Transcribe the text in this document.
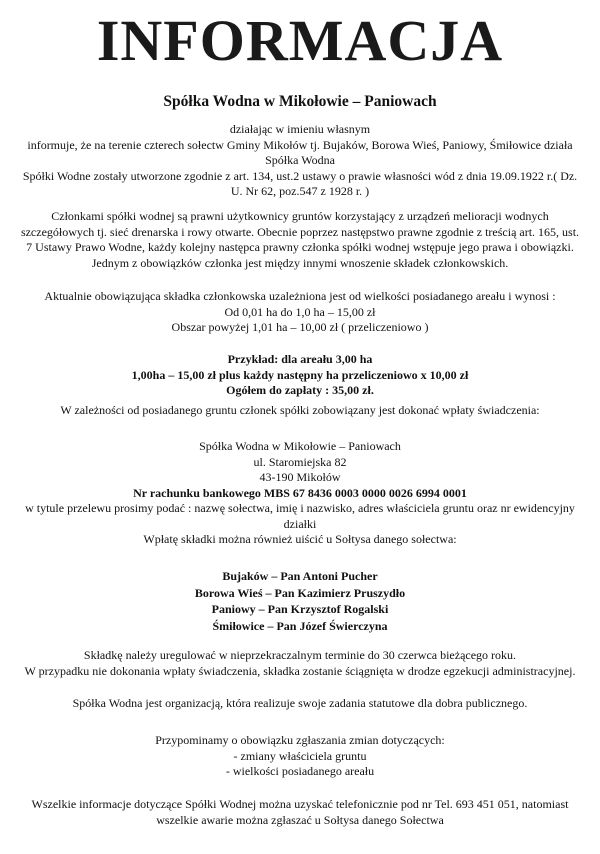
INFORMACJA
Spółka Wodna w Mikołowie – Paniowach

działając w imieniu własnym

informuje, że na terenie czterech sołectw Gminy Mikołów tj. Bujaków, Borowa Wieś, Paniowy, Śmiłowice działa

Spółka Wodna

Spółki Wodne zostały utworzone zgodnie z art. 134, ust.2 ustawy o prawie własności wód z dnia 19.09.1922 r.( Dz.

U. Nr 62, poz.547 z 1928 r. )

Członkami spółki wodnej są prawni użytkownicy gruntów korzystający z urządzeń melioracji wodnych

szczegółowych tj. sieć drenarska i rowy otwarte. Obecnie poprzez następstwo prawne zgodnie z treścią art. 165, ust.

7 Ustawy Prawo Wodne, każdy kolejny następca prawny członka spółki wodnej wstępuje jego prawa i obowiązki.

Jednym z obowiązków członka jest między innymi wnoszenie składek członkowskich.

Aktualnie obowiązująca składka członkowska uzależniona jest od wielkości posiadanego areału i wynosi :

Od 0,01 ha do 1,0 ha – 15,00 zł

Obszar powyżej 1,01 ha – 10,00 zł ( przeliczeniowo )

Przykład: dla areału 3,00 ha

1,00ha – 15,00 zł plus każdy następny ha przeliczeniowo x 10,00 zł

Ogółem do zapłaty : 35,00 zł.

W zależności od posiadanego gruntu członek spółki zobowiązany jest dokonać wpłaty świadczenia:

Spółka Wodna w Mikołowie – Paniowach

ul. Staromiejska 82

43-190 Mikołów

Nr rachunku bankowego MBS 67 8436 0003 0000 0026 6994 0001

w tytule przelewu prosimy podać : nazwę sołectwa, imię i nazwisko, adres właściciela gruntu oraz nr ewidencyjny

działki

Wpłatę składki można również uiścić u Sołtysa danego sołectwa:

Bujaków – Pan Antoni Pucher

Borowa Wieś – Pan Kazimierz Pruszydło

Paniowy – Pan Krzysztof Rogalski

Śmiłowice – Pan Józef Świerczyna

Składkę należy uregulować w nieprzekraczalnym terminie do 30 czerwca bieżącego roku.

W przypadku nie dokonania wpłaty świadczenia, składka zostanie ściągnięta w drodze egzekucji administracyjnej.

Spółka Wodna jest organizacją, która realizuje swoje zadania statutowe dla dobra publicznego.

Przypominamy o obowiązku zgłaszania zmian dotyczących:

- zmiany właściciela gruntu

- wielkości posiadanego areału

Wszelkie informacje dotyczące Spółki Wodnej można uzyskać telefonicznie pod nr Tel. 693 451 051, natomiast

wszelkie awarie można zgłaszać u Sołtysa danego Sołectwa
